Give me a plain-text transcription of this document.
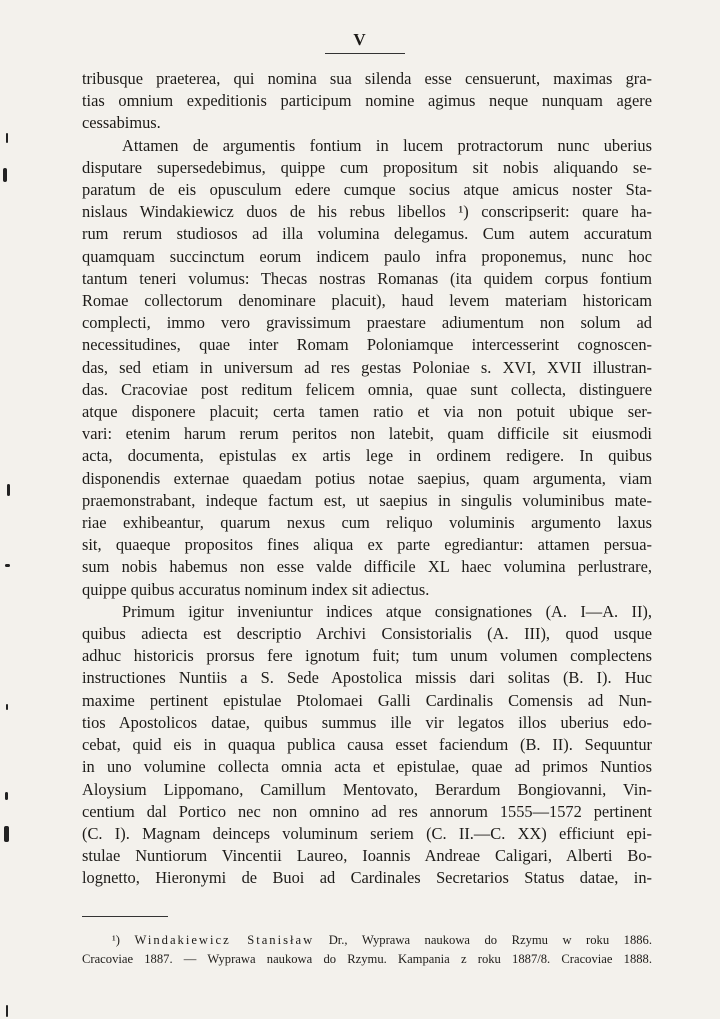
V

tribusque praeterea, qui nomina sua silenda esse censuerunt, maximas gra-

tias omnium expeditionis participum nomine agimus neque nunquam agere

cessabimus.

Attamen de argumentis fontium in lucem protractorum nunc uberius

disputare supersedebimus, quippe cum propositum sit nobis aliquando se-

paratum de eis opusculum edere cumque socius atque amicus noster Sta-

nislaus Windakiewicz duos de his rebus libellos ¹) conscripserit: quare ha-

rum rerum studiosos ad illa volumina delegamus. Cum autem accuratum

quamquam succinctum eorum indicem paulo infra proponemus, nunc hoc

tantum teneri volumus: Thecas nostras Romanas (ita quidem corpus fontium

Romae collectorum denominare placuit), haud levem materiam historicam

complecti, immo vero gravissimum praestare adiumentum non solum ad

necessitudines, quae inter Romam Poloniamque intercesserint cognoscen-

das, sed etiam in universum ad res gestas Poloniae s. XVI, XVII illustran-

das. Cracoviae post reditum felicem omnia, quae sunt collecta, distinguere

atque disponere placuit; certa tamen ratio et via non potuit ubique ser-

vari: etenim harum rerum peritos non latebit, quam difficile sit eiusmodi

acta, documenta, epistulas ex artis lege in ordinem redigere. In quibus

disponendis externae quaedam potius notae saepius, quam argumenta, viam

praemonstrabant, indeque factum est, ut saepius in singulis voluminibus mate-

riae exhibeantur, quarum nexus cum reliquo voluminis argumento laxus

sit, quaeque propositos fines aliqua ex parte egrediantur: attamen persua-

sum nobis habemus non esse valde difficile XL haec volumina perlustrare,

quippe quibus accuratus nominum index sit adiectus.

Primum igitur inveniuntur indices atque consignationes (A. I—A. II),

quibus adiecta est descriptio Archivi Consistorialis (A. III), quod usque

adhuc historicis prorsus fere ignotum fuit; tum unum volumen complectens

instructiones Nuntiis a S. Sede Apostolica missis dari solitas (B. I). Huc

maxime pertinent epistulae Ptolomaei Galli Cardinalis Comensis ad Nun-

tios Apostolicos datae, quibus summus ille vir legatos illos uberius edo-

cebat, quid eis in quaqua publica causa esset faciendum (B. II). Sequuntur

in uno volumine collecta omnia acta et epistulae, quae ad primos Nuntios

Aloysium Lippomano, Camillum Mentovato, Berardum Bongiovanni, Vin-

centium dal Portico nec non omnino ad res annorum 1555—1572 pertinent

(C. I). Magnam deinceps voluminum seriem (C. II.—C. XX) efficiunt epi-

stulae Nuntiorum Vincentii Laureo, Ioannis Andreae Caligari, Alberti Bo-

lognetto, Hieronymi de Buoi ad Cardinales Secretarios Status datae, in-

¹) Windakiewicz Stanisław Dr., Wyprawa naukowa do Rzymu w roku 1886.

Cracoviae 1887. — Wyprawa naukowa do Rzymu. Kampania z roku 1887/8. Cracoviae 1888.
